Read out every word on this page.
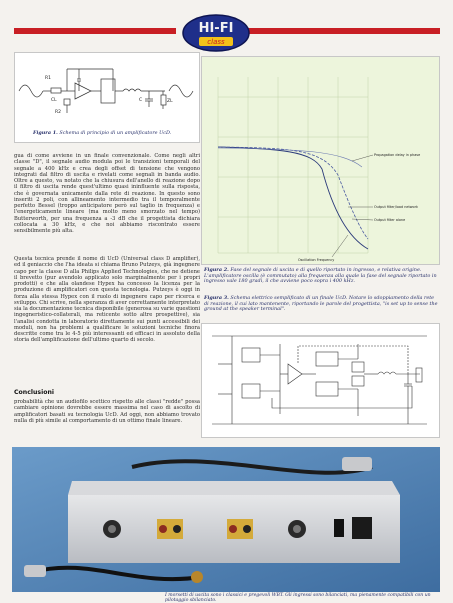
HI-FI
class
R1
CL
R2
C	ZL
Figura 1. Schema di principio di un amplificatore UcD.
Propagation delay in phase
Output filter/load network
Output filter alone
Oscillation Frequency
Figura 2. Fase del segnale di uscita e di quello riportato in ingresso, e relativa origine. L'amplificatore oscilla (è commutato) alla frequenza alla quale la fase del segnale riportato in ingresso vale 180 gradi, il che avviene poco sopra i 400 kHz.
Figura 3. Schema elettrico semplificato di un finale UcD. Notare lo sdoppiamento della rete di reazione, il cui lato mantenente, riportando le parole del progettista, "is set up to sense the ground at the speaker terminal".
gua di come avviene in un finale convenzionale. Come negli altri classe "D", il segnale audio modula poi le transizioni temporali del segnale a 400 kHz e crea degli offset di tensione che vengono integrati dal filtro di uscita e rivelati come segnali in banda audio. Oltre a questo, va notato che la chiusura dell'anello di reazione dopo il filtro di uscita rende quest'ultimo quasi ininfluente sulla risposta, che è governata unicamente dalla rete di reazione. In questo sono inseriti 2 poli, con allineamento intermedio tra il temporalmente perfetto Bessel (troppo anticipatore però sul taglio in frequenza) e l'energeticamente lineare (ma molto meno smorzato nel tempo) Butterworth, per una frequenza a -3 dB che il progettista dichiara collocata a 30 kHz, e che noi abbiamo riscontrato essere sensibilmente più alta.
Questa tecnica prende il nome di UcD (Universal class D amplifier), ed il geniaccio che l'ha ideata si chiama Bruno Putzeys, già ingegnere capo per la classe D alla Philips Applied Technologies, che ne detiene il brevetto (pur avendolo applicato solo marginalmente per i propri prodotti) e che alla olandese Hypex ha concesso la licenza per la produzione di amplificatori con questa tecnologia. Putzeys è oggi in forza alla stessa Hypex con il ruolo di ingegnere capo per ricerca e sviluppo. Chi scrive, nella speranza di aver correttamente interpretato sia la documentazione tecnica disponibile (generosa su varie questioni ingegneristico-collaterali, ma reticente sotto altre prospettive), sia l'analisi condotta in laboratorio direttamente sui punti accessibili dei moduli, non ha problemi a qualificare le soluzioni tecniche finora descritte come tra le 4-5 più interessanti ed efficaci in assoluto della storia dell'amplificazione dell'ultimo quarto di secolo.
Conclusioni
probabilità che un audiofilo scettico rispetto alle classi "redde" possa cambiare opinione dovrebbe essere massima nel caso di ascolto di amplificatori basati su tecnologia UcD. Ad oggi, non abbiamo trovato nulla di più simile al comportamento di un ottimo finale lineare.
I morsetti di uscita sono i classici e pregevoli WBT. Gli ingressi sono bilanciati, ma pienamente compatibili con un pilotaggio sbilanciato.
